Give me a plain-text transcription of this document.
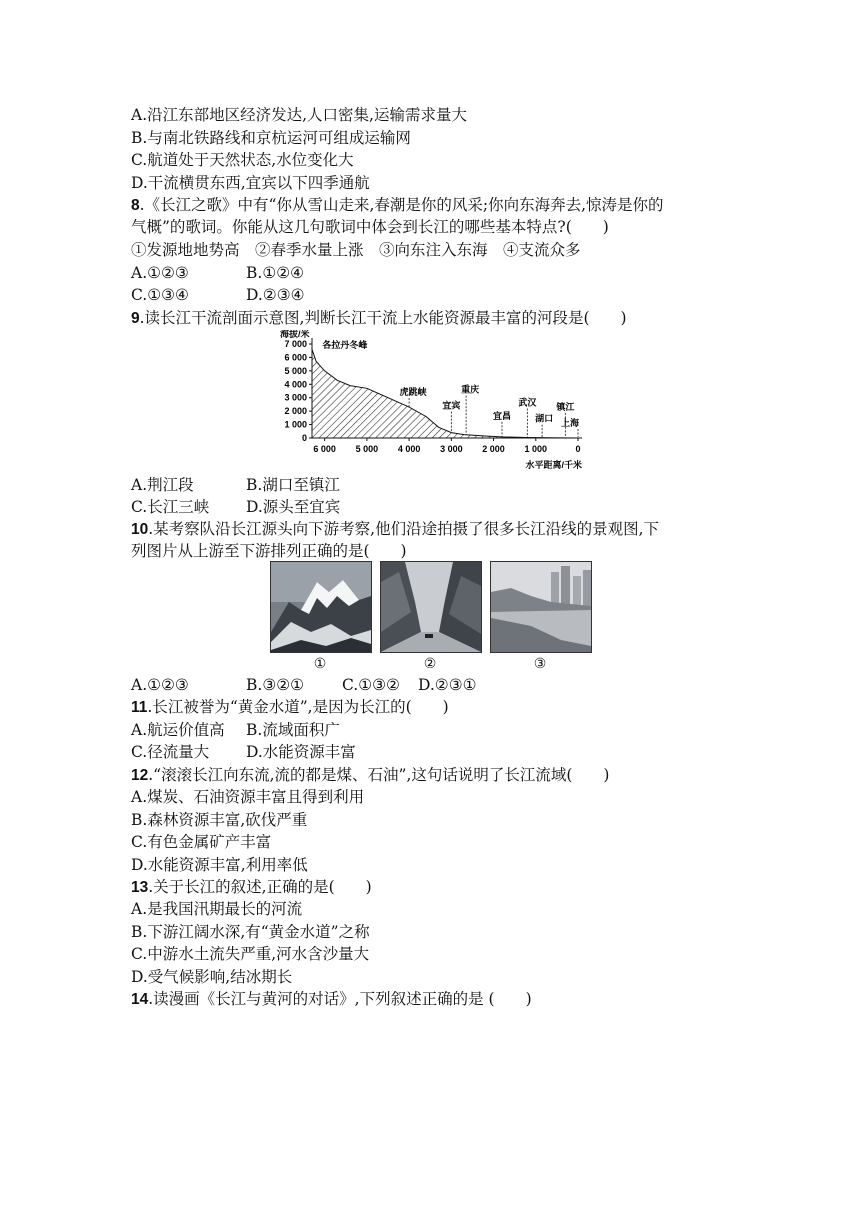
A.沿江东部地区经济发达,人口密集,运输需求量大
B.与南北铁路线和京杭运河可组成运输网
C.航道处于天然状态,水位变化大
D.干流横贯东西,宜宾以下四季通航
8.《长江之歌》中有“你从雪山走来,春潮是你的风采;你向东海奔去,惊涛是你的
气概”的歌词。你能从这几句歌词中体会到长江的哪些基本特点?(　　)
①发源地地势高　②春季水量上涨　③向东注入东海　④支流众多
A.①②③	B.①②④
C.①③④	D.②③④
9.读长江干流剖面示意图,判断长江干流上水能资源最丰富的河段是(　　)
7 000
6 000
5 000
4 000
3 000
2 000
1 000
0
海拔/米
6 000 5 000 4 000 3 000 2 000 1 000	0
水平距离/千米
各拉丹冬峰
虎跳峡	重庆
宜宾
宜昌
武汉
湖口
镇江
上海
A.荆江段	B.湖口至镇江
C.长江三峡 D.源头至宜宾
10.某考察队沿长江源头向下游考察,他们沿途拍摄了很多长江沿线的景观图,下
列图片从上游至下游排列正确的是(　　)
①	②	③
A.①②③	B.③②① C.①③② D.②③①
11.长江被誉为“黄金水道”,是因为长江的(　　)
A.航运价值高 B.流域面积广
C.径流量大 D.水能资源丰富
12.“滚滚长江向东流,流的都是煤、石油”,这句话说明了长江流域(　　)
A.煤炭、石油资源丰富且得到利用
B.森林资源丰富,砍伐严重
C.有色金属矿产丰富
D.水能资源丰富,利用率低
13.关于长江的叙述,正确的是(　　)
A.是我国汛期最长的河流
B.下游江阔水深,有“黄金水道”之称
C.中游水土流失严重,河水含沙量大
D.受气候影响,结冰期长
14.读漫画《长江与黄河的对话》,下列叙述正确的是 (　　)
